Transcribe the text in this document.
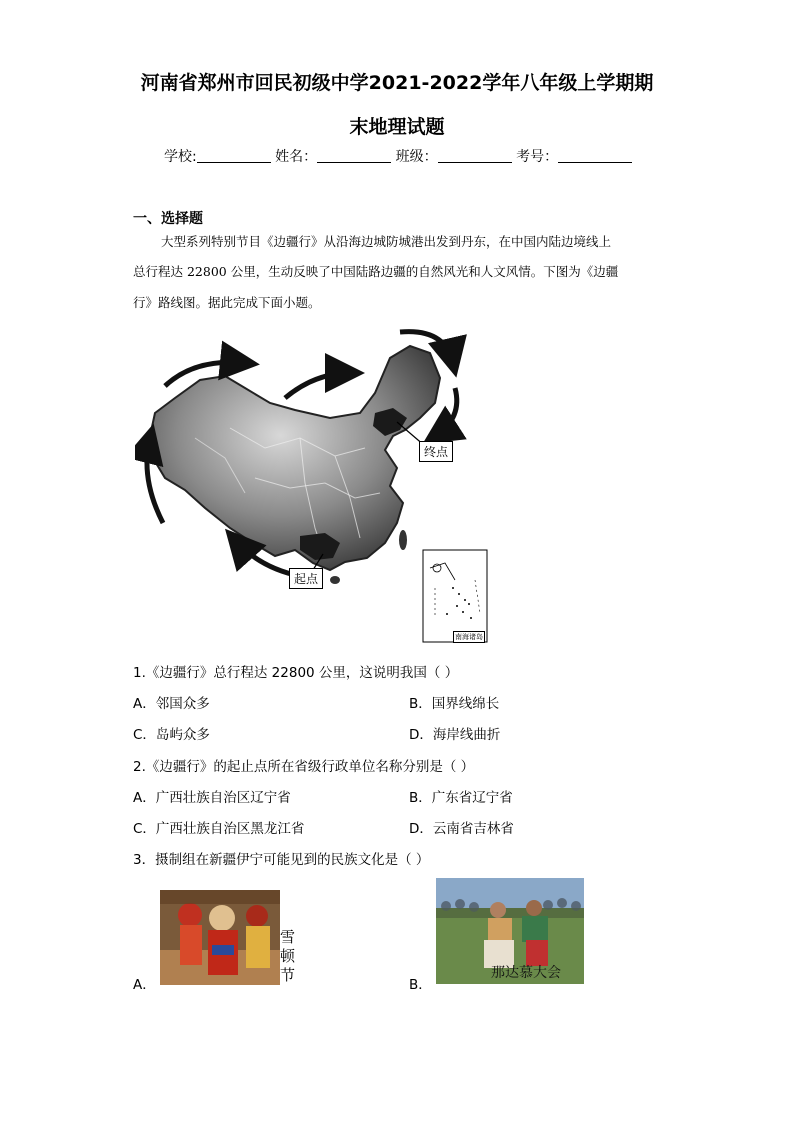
河南省郑州市回民初级中学2021-2022学年八年级上学期期
末地理试题
学校:	姓名：	班级：	考号：
一、选择题
大型系列特别节目《边疆行》从沿海边城防城港出发到丹东，在中国内陆边境线上
总行程达 22800 公里，生动反映了中国陆路边疆的自然风光和人文风情。下图为《边疆
行》路线图。据此完成下面小题。
终点
起点
南海诸岛
1.《边疆行》总行程达 22800 公里，这说明我国（ ）
A．邻国众多	B．国界线绵长
C．岛屿众多	D．海岸线曲折
2.《边疆行》的起止点所在省级行政单位名称分别是（ ）
A．广西壮族自治区辽宁省	B．广东省辽宁省
C．广西壮族自治区黑龙江省	D．云南省吉林省
3．摄制组在新疆伊宁可能见到的民族文化是（ ）
雪
顿
节
A．
那达慕大会
B．
